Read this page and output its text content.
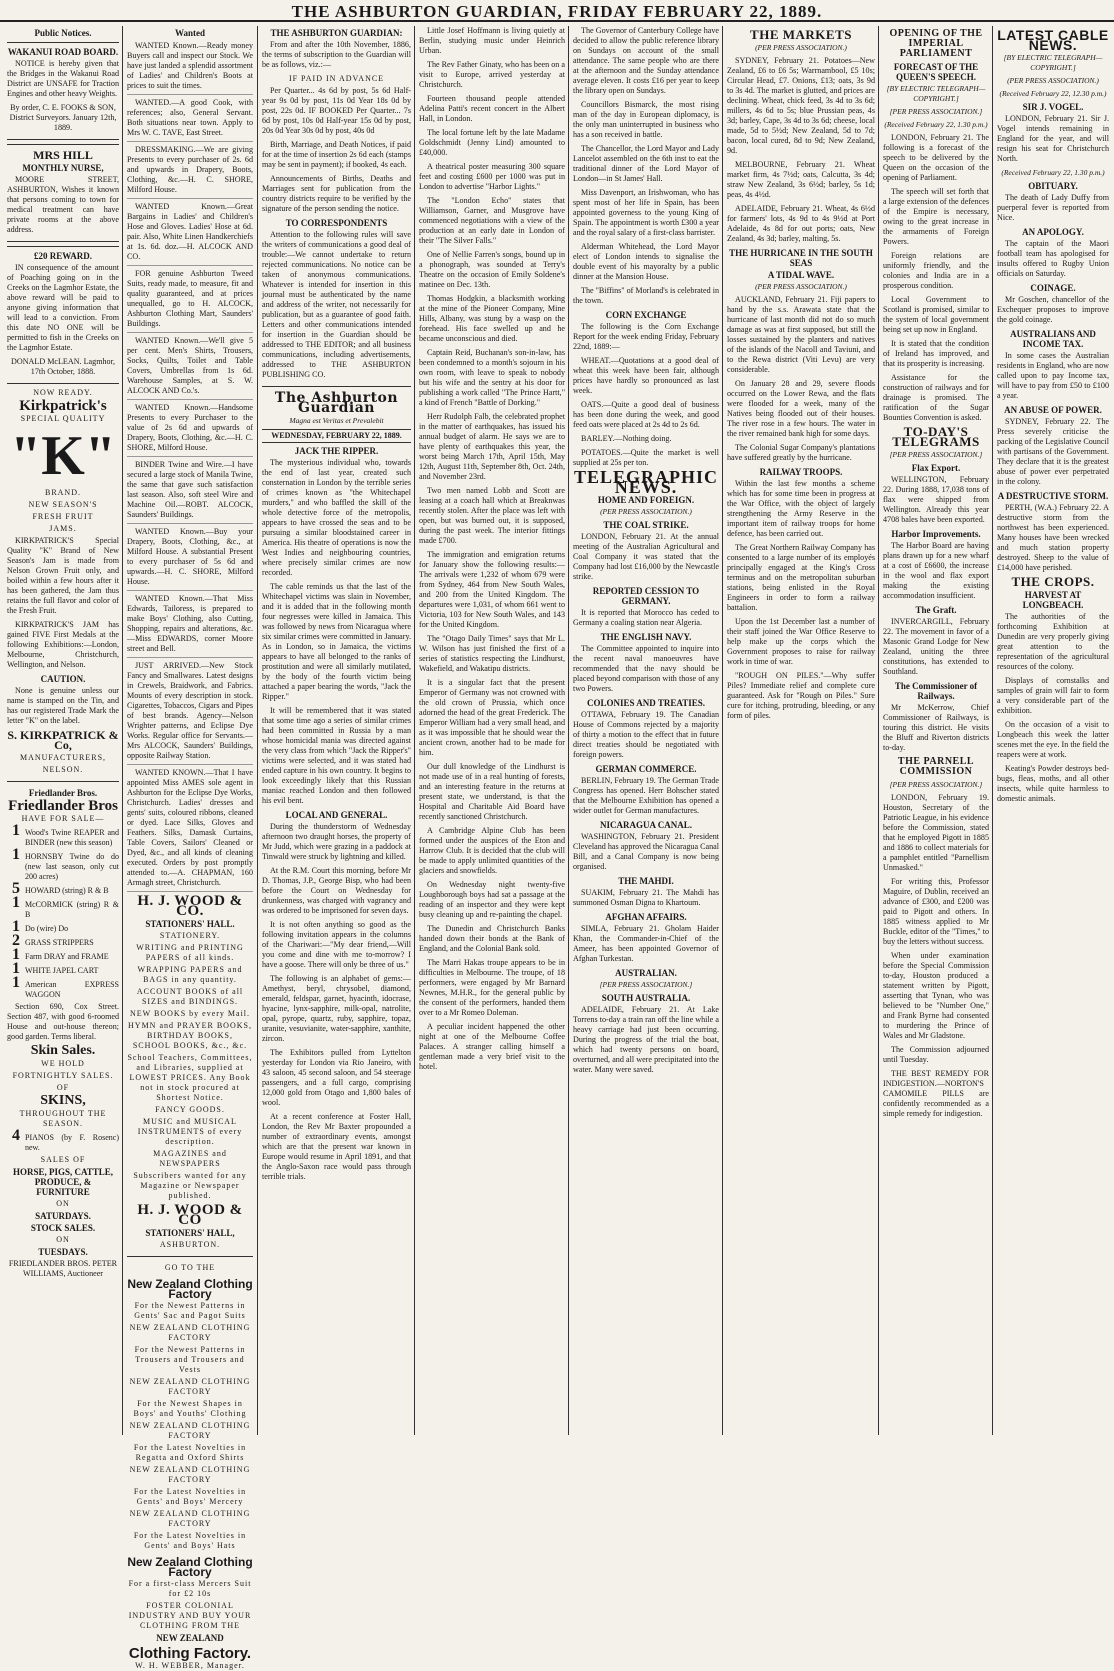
THE ASHBURTON GUARDIAN, FRIDAY FEBRUARY 22, 1889.
Public Notices.
WAKANUI ROAD BOARD.

NOTICE is hereby given that the Bridges in the Wakanui Road District are UNSAFE for Traction Engines and other heavy Weights.

By order, C. E. FOOKS & SON, District Surveyors. January 12th, 1889.

MRS HILL
MONTHLY NURSE,

MOORE STREET, ASHBURTON, Wishes it known that persons coming to town for medical treatment can have private rooms at the above address.

£20 REWARD.

IN consequence of the amount of Poaching going on in the Creeks on the Lagmhor Estate, the above reward will be paid to anyone giving information that will lead to a conviction. From this date NO ONE will be permitted to fish in the Creeks on the Lagmhor Estate.

DONALD McLEAN. Lagmhor, 17th October, 1888.

NOW READY.
Kirkpatrick's
SPECIAL QUALITY
"K"
BRAND.
NEW SEASON'S
FRESH FRUIT
JAMS.

KIRKPATRICK'S Special Quality "K" Brand of New Season's Jam is made from Nelson Grown Fruit only, and boiled within a few hours after it has been gathered, the Jam thus retains the full flavor and color of the Fresh Fruit.

KIRKPATRICK'S JAM has gained FIVE First Medals at the following Exhibitions:—London, Melbourne, Christchurch, Wellington, and Nelson.

CAUTION.

None is genuine unless our name is stamped on the Tin, and has our registered Trade Mark the letter "K" on the label.

S. KIRKPATRICK & Co,
MANUFACTURERS,
NELSON.
Friedlander Bros.
Friedlander Bros
HAVE FOR SALE—
1 Wood's Twine REAPER and BINDER (new this season)
1 HORNSBY Twine do do (new last season, only cut 200 acres)
5 HOWARD (string) R & B
1 McCORMICK (string) R & B
1 Do (wire) Do
2 GRASS STRIPPERS
1 Farm DRAY and FRAME
1 WHITE JAPEL CART
1 American EXPRESS WAGGON

Section 690, Cox Street. Section 487, with good 6-roomed House and out-house thereon; good garden. Terms liberal.

Skin Sales.
WE HOLD
FORTNIGHTLY SALES.
OF
SKINS,
THROUGHOUT THE SEASON.
4 PIANOS (by F. Rosenc) new.
SALES OF
HORSE, PIGS, CATTLE, PRODUCE, & FURNITURE
ON
SATURDAYS.
STOCK SALES.
ON
TUESDAYS.

FRIEDLANDER BROS. PETER WILLIAMS, Auctioneer

Wanted

WANTED Known.—Ready money Buyers call and inspect our Stock. We have just landed a splendid assortment of Ladies' and Children's Boots at prices to suit the times.

WANTED.—A good Cook, with references; also, General Servant. Both situations near town. Apply to Mrs W. C. TAVE, East Street.

DRESSMAKING.—We are giving Presents to every purchaser of 2s. 6d and upwards in Drapery, Boots, Clothing, &c.—H. C. SHORE, Milford House.

WANTED Known.—Great Bargains in Ladies' and Children's Hose and Gloves. Ladies' Hose at 6d. pair. Also, White Linen Handkerchiefs at 1s. 6d. doz.—H. ALCOCK AND CO.

FOR genuine Ashburton Tweed Suits, ready made, to measure, fit and quality guaranteed, and at prices unequalled, go to H. ALCOCK, Ashburton Clothing Mart, Saunders' Buildings.

WANTED Known.—We'll give 5 per cent. Men's Shirts, Trousers, Socks, Quilts, Toilet and Table Covers, Umbrellas from 1s 6d. Warehouse Samples, at S. W. ALCOCK AND Co.'s.

WANTED Known.—Handsome Presents to every Purchaser to the value of 2s 6d and upwards of Drapery, Boots, Clothing, &c.—H. C. SHORE, Milford House.

BINDER Twine and Wire.—I have secured a large stock of Manila Twine, the same that gave such satisfaction last season. Also, soft steel Wire and Machine Oil.—ROBT. ALCOCK, Saunders' Buildings.

WANTED Known.—Buy your Drapery, Boots, Clothing, &c., at Milford House. A substantial Present to every purchaser of 5s 6d and upwards.—H. C. SHORE, Milford House.

WANTED Known.—That Miss Edwards, Tailoress, is prepared to make Boys' Clothing, also Cutting, Shopping, repairs and alterations, &c.—Miss EDWARDS, corner Moore street and Bell.

JUST ARRIVED.—New Stock Fancy and Smallwares. Latest designs in Crewels, Braidwork, and Fabrics. Mounts of every description in stock. Cigarettes, Tobaccos, Cigars and Pipes of best brands. Agency—Nelson Wrighter patterns, and Eclipse Dye Works. Regular office for Servants.—Mrs ALCOCK, Saunders' Buildings, opposite Railway Station.

WANTED KNOWN.—That I have appointed Miss AMES sole agent in Ashburton for the Eclipse Dye Works, Christchurch. Ladies' dresses and gents' suits, coloured ribbons, cleaned or dyed. Lace Silks, Gloves and Feathers. Silks, Damask Curtains, Table Covers, Sailors' Cleaned or Dyed, &c., and all kinds of cleaning executed. Orders by post promptly attended to.—A. CHAPMAN, 160 Armagh street, Christchurch.

H. J. WOOD & CO.
STATIONERS' HALL.
STATIONERY.
WRITING and PRINTING PAPERS of all kinds.
WRAPPING PAPERS and BAGS in any quantity.
ACCOUNT BOOKS of all SIZES and BINDINGS.
NEW BOOKS by every Mail.
HYMN and PRAYER BOOKS, BIRTHDAY BOOKS, SCHOOL BOOKS, &c., &c.
School Teachers, Committees, and Libraries, supplied at LOWEST PRICES. Any Book not in stock procured at Shortest Notice.
FANCY GOODS.
MUSIC and MUSICAL INSTRUMENTS of every description.
MAGAZINES and NEWSPAPERS
Subscribers wanted for any Magazine or Newspaper published.
H. J. WOOD & CO
STATIONERS' HALL,
ASHBURTON.
GO TO THE
New Zealand Clothing Factory
For the Newest Patterns in Gents' Sac and Pagot Suits
NEW ZEALAND CLOTHING FACTORY
For the Newest Patterns in Trousers and Trousers and Vests
NEW ZEALAND CLOTHING FACTORY
For the Newest Shapes in Boys' and Youths' Clothing
NEW ZEALAND CLOTHING FACTORY
For the Latest Novelties in Regatta and Oxford Shirts
NEW ZEALAND CLOTHING FACTORY
For the Latest Novelties in Gents' and Boys' Mercery
NEW ZEALAND CLOTHING FACTORY
For the Latest Novelties in Gents' and Boys' Hats
New Zealand Clothing Factory
For a first-class Mercers Suit for £2 10s
FOSTER COLONIAL INDUSTRY AND BUY YOUR CLOTHING FROM THE
NEW ZEALAND
Clothing Factory.
W. H. WEBBER, Manager.
THE ASHBURTON GUARDIAN:

From and after the 10th November, 1886, the terms of subscription to the Guardian will be as follows, viz.:—

IF PAID IN ADVANCE

Per Quarter... 4s 6d by post, 5s 6d Half-year 9s 0d by post, 11s 0d Year 18s 0d by post, 22s 0d. IF BOOKED Per Quarter... 7s 6d by post, 10s 0d Half-year 15s 0d by post, 20s 0d Year 30s 0d by post, 40s 0d

Birth, Marriage, and Death Notices, if paid for at the time of insertion 2s 6d each (stamps may be sent in payment); if booked, 4s each.

Announcements of Births, Deaths and Marriages sent for publication from the country districts require to be verified by the signature of the person sending the notice.

TO CORRESPONDENTS

Attention to the following rules will save the writers of communications a good deal of trouble:—We cannot undertake to return rejected communications. No notice can be taken of anonymous communications. Whatever is intended for insertion in this journal must be authenticated by the name and address of the writer, not necessarily for publication, but as a guarantee of good faith. Letters and other communications intended for insertion in the Guardian should be addressed to THE EDITOR; and all business communications, including advertisements, addressed to THE ASHBURTON PUBLISHING CO.

The Ashburton Guardian
Magna est Veritas et Prevalebit
WEDNESDAY, FEBRUARY 22, 1889.
JACK THE RIPPER.

The mysterious individual who, towards the end of last year, created such consternation in London by the terrible series of crimes known as "the Whitechapel murders," and who baffled the skill of the whole detective force of the metropolis, appears to have crossed the seas and to be pursuing a similar bloodstained career in America. His theatre of operations is now the West Indies and neighbouring countries, where precisely similar crimes are now recorded.

The cable reminds us that the last of the Whitechapel victims was slain in November, and it is added that in the following month four negresses were killed in Jamaica. This was followed by news from Nicaragua where six similar crimes were committed in January. As in London, so in Jamaica, the victims appears to have all belonged to the ranks of prostitution and were all similarly mutilated, by the body of the fourth victim being attached a paper bearing the words, "Jack the Ripper."

It will be remembered that it was stated that some time ago a series of similar crimes had been committed in Russia by a man whose homicidal mania was directed against the very class from which "Jack the Ripper's" victims were selected, and it was stated had ended capture in his own country. It begins to look exceedingly likely that this Russian maniac reached London and then followed his evil bent.

LOCAL AND GENERAL.

During the thunderstorm of Wednesday afternoon two draught horses, the property of Mr Judd, which were grazing in a paddock at Tinwald were struck by lightning and killed.

At the R.M. Court this morning, before Mr D. Thomas, J.P., George Bisp, who had been before the Court on Wednesday for drunkenness, was charged with vagrancy and was ordered to be imprisoned for seven days.

It is not often anything so good as the following invitation appears in the columns of the Chariwari:—"My dear friend,—Will you come and dine with me to-morrow? I have a goose. There will only be three of us."

The following is an alphabet of gems:—Amethyst, beryl, chrysobel, diamond, emerald, feldspar, garnet, hyacinth, idocrase, hyacine, lynx-sapphire, milk-opal, natrolite, opal, pyrope, quartz, ruby, sapphire, topaz, uranite, vesuvianite, water-sapphire, xanthite, zircon.

The Exhibitors pulled from Lyttelton yesterday for London via Rio Janeiro, with 43 saloon, 45 second saloon, and 54 steerage passengers, and a full cargo, comprising 12,000 gold from Otago and 1,800 bales of wool.

At a recent conference at Foster Hall, London, the Rev Mr Baxter propounded a number of extraordinary events, amongst which are that the present war known in Europe would resume in April 1891, and that the Anglo-Saxon race would pass through terrible trials.

Little Josef Hoffmann is living quietly at Berlin, studying music under Heinrich Urban.

The Rev Father Ginaty, who has been on a visit to Europe, arrived yesterday at Christchurch.

Fourteen thousand people attended Adelina Patti's recent concert in the Albert Hall, in London.

The local fortune left by the late Madame Goldschmidt (Jenny Lind) amounted to £40,000.

A theatrical poster measuring 300 square feet and costing £600 per 1000 was put in London to advertise "Harbor Lights."

The "London Echo" states that Williamson, Garner, and Musgrove have commenced negotiations with a view of the production at an early date in London of their "The Silver Falls."

One of Nellie Farren's songs, bound up in a phonograph, was sounded at Terry's Theatre on the occasion of Emily Soldene's matinee on Dec. 13th.

Thomas Hodgkin, a blacksmith working at the mine of the Pioneer Company, Mine Hills, Albany, was stung by a wasp on the forehead. His face swelled up and he became unconscious and died.

Captain Reid, Buchanan's son-in-law, has been condemned to a month's sojourn in his own room, with leave to speak to nobody but his wife and the sentry at his door for publishing a work called "The Prince Hartt," a kind of French "Battle of Dorking."

Herr Rudolph Falb, the celebrated prophet in the matter of earthquakes, has issued his annual budget of alarm. He says we are to have plenty of earthquakes this year, the worst being March 17th, April 15th, May 12th, August 11th, September 8th, Oct. 24th, and November 23rd.

Two men named Lobb and Scott are leasing at a coach hall which at Breaknwas recently stolen. After the place was left with open, but was burned out, it is supposed, during the past week. The interior fittings made £700.

The immigration and emigration returns for January show the following results:—The arrivals were 1,232 of whom 679 were from Sydney, 464 from New South Wales, and 200 from the United Kingdom. The departures were 1,031, of whom 661 went to Victoria, 103 for New South Wales, and 143 for the United Kingdom.

The "Otago Daily Times" says that Mr L. W. Wilson has just finished the first of a series of statistics respecting the Lindhurst, Wakefield, and Wakatipu districts.

It is a singular fact that the present Emperor of Germany was not crowned with the old crown of Prussia, which once adorned the head of the great Frederick. The Emperor William had a very small head, and as it was impossible that he should wear the ancient crown, another had to be made for him.

Our dull knowledge of the Lindhurst is not made use of in a real hunting of forests, and an interesting feature in the returns at present state, we understand, is that the Hospital and Charitable Aid Board have recently sanctioned Christchurch.

A Cambridge Alpine Club has been formed under the auspices of the Eton and Harrow Club. It is decided that the club will be made to apply unlimited quantities of the glaciers and snowfields.

On Wednesday night twenty-five Loughborough boys had sat a passage at the reading of an inspector and they were kept busy cleaning up and re-painting the chapel.

The Dunedin and Christchurch Banks handed down their bonds at the Bank of England, and the Colonial Bank sold.

The Marri Hakas troupe appears to be in difficulties in Melbourne. The troupe, of 18 performers, were engaged by Mr Barnard Newnes, M.H.R., for the general public by the consent of the performers, handed them over to a Mr Romeo Doleman.

A peculiar incident happened the other night at one of the Melbourne Coffee Palaces. A stranger calling himself a gentleman made a very brief visit to the hotel.

The Governor of Canterbury College have decided to allow the public reference library on Sundays on account of the small attendance. The same people who are there at the afternoon and the Sunday attendance average eleven. It costs £16 per year to keep the library open on Sundays.

Councillors Bismarck, the most rising man of the day in European diplomacy, is the only man uninterrupted in business who has a son received in battle.

The Chancellor, the Lord Mayor and Lady Lancelot assembled on the 6th inst to eat the traditional dinner of the Lord Mayor of London—in St James' Hall.

Miss Davenport, an Irishwoman, who has spent most of her life in Spain, has been appointed governess to the young King of Spain. The appointment is worth £300 a year and the royal salary of a first-class barrister.

Alderman Whitehead, the Lord Mayor elect of London intends to signalise the double event of his mayoralty by a public dinner at the Mansion House.

The "Biffins" of Morland's is celebrated in the town.

CORN EXCHANGE

The following is the Corn Exchange Report for the week ending Friday, February 22nd, 1889:—

WHEAT.—Quotations at a good deal of wheat this week have been fair, although prices have hardly so pronounced as last week.

OATS.—Quite a good deal of business has been done during the week, and good feed oats were placed at 2s 4d to 2s 6d.

BARLEY.—Nothing doing.

POTATOES.—Quite the market is well supplied at 25s per ton.

TELEGRAPHIC NEWS.
HOME AND FOREIGN.
(PER PRESS ASSOCIATION.)
THE COAL STRIKE.

LONDON, February 21. At the annual meeting of the Australian Agricultural and Coal Company it was stated that the Company had lost £16,000 by the Newcastle strike.

REPORTED CESSION TO GERMANY.

It is reported that Morocco has ceded to Germany a coaling station near Algeria.

THE ENGLISH NAVY.

The Committee appointed to inquire into the recent naval manoeuvres have recommended that the navy should be placed beyond comparison with those of any two Powers.

COLONIES AND TREATIES.

OTTAWA, February 19. The Canadian House of Commons rejected by a majority of thirty a motion to the effect that in future direct treaties should be negotiated with foreign powers.

GERMAN COMMERCE.

BERLIN, February 19. The German Trade Congress has opened. Herr Bohscher stated that the Melbourne Exhibition has opened a wider outlet for German manufactures.

NICARAGUA CANAL.

WASHINGTON, February 21. President Cleveland has approved the Nicaragua Canal Bill, and a Canal Company is now being organised.

THE MAHDI.

SUAKIM, February 21. The Mahdi has summoned Osman Digna to Khartoum.

AFGHAN AFFAIRS.

SIMLA, February 21. Gholam Haider Khan, the Commander-in-Chief of the Ameer, has been appointed Governor of Afghan Turkestan.

AUSTRALIAN.
[PER PRESS ASSOCIATION.]
SOUTH AUSTRALIA.

ADELAIDE, February 21. At Lake Torrens to-day a train ran off the line while a heavy carriage had just been occurring. During the progress of the trial the boat, which had twenty persons on board, overturned, and all were precipitated into the water. Many were saved.

THE MARKETS
(PER PRESS ASSOCIATION.)

SYDNEY, February 21. Potatoes—New Zealand, £6 to £6 5s; Warrnambool, £5 10s; Circular Head, £7. Onions, £13; oats, 3s 9d to 3s 4d. The market is glutted, and prices are declining. Wheat, chick feed, 3s 4d to 3s 6d; millers, 4s 6d to 5s; blue Prussian peas, 4s 3d; barley, Cape, 3s 4d to 3s 6d; cheese, local made, 5d to 5½d; New Zealand, 5d to 7d; bacon, local cured, 8d to 9d; New Zealand, 9d.

MELBOURNE, February 21. Wheat market firm, 4s 7½d; oats, Calcutta, 3s 4d; straw New Zealand, 3s 6½d; barley, 5s 1d; peas, 4s 4½d.

ADELAIDE, February 21. Wheat, 4s 6½d for farmers' lots, 4s 9d to 4s 9½d at Port Adelaide, 4s 8d for out ports; oats, New Zealand, 4s 3d; barley, malting, 5s.

THE HURRICANE IN THE SOUTH SEAS
A TIDAL WAVE.
(PER PRESS ASSOCIATION.)

AUCKLAND, February 21. Fiji papers to hand by the s.s. Arawata state that the hurricane of last month did not do so much damage as was at first supposed, but still the losses sustained by the planters and natives of the islands of the Nacoll and Taviuni, and to the Rewa district (Viti Levu) are very considerable.

On January 28 and 29, severe floods occurred on the Lower Rewa, and the flats were flooded for a week, many of the Natives being flooded out of their houses. The river rose in a few hours. The water in the river remained bank high for some days.

The Colonial Sugar Company's plantations have suffered greatly by the hurricane.

RAILWAY TROOPS.

Within the last few months a scheme which has for some time been in progress at the War Office, with the object of largely strengthening the Army Reserve in the important item of railway troops for home defence, has been carried out.

The Great Northern Railway Company has consented to a large number of its employés principally engaged at the King's Cross terminus and on the metropolitan suburban stations, being enlisted in the Royal Engineers in order to form a railway battalion.

Upon the 1st December last a number of their staff joined the War Office Reserve to help make up the corps which the Government proposes to raise for railway work in time of war.

"ROUGH ON PILES."—Why suffer Piles? Immediate relief and complete cure guaranteed. Ask for "Rough on Piles." Sure cure for itching, protruding, bleeding, or any form of piles.

OPENING OF THE IMPERIAL PARLIAMENT
FORECAST OF THE QUEEN'S SPEECH.
[BY ELECTRIC TELEGRAPH—COPYRIGHT.]
[PER PRESS ASSOCIATION.]
(Received February 22, 1.30 p.m.)

LONDON, February 21. The following is a forecast of the speech to be delivered by the Queen on the occasion of the opening of Parliament.

The speech will set forth that a large extension of the defences of the Empire is necessary, owing to the great increase in the armaments of Foreign Powers.

Foreign relations are uniformly friendly, and the colonies and India are in a prosperous condition.

Local Government to Scotland is promised, similar to the system of local government being set up now in England.

It is stated that the condition of Ireland has improved, and that its prosperity is increasing.

Assistance for the construction of railways and for drainage is promised. The ratification of the Sugar Bounties Convention is asked.

TO-DAY'S TELEGRAMS
[PER PRESS ASSOCIATION.]
Flax Export.

WELLINGTON, February 22. During 1888, 17,038 tons of flax were shipped from Wellington. Already this year 4708 bales have been exported.

Harbor Improvements.

The Harbor Board are having plans drawn up for a new wharf at a cost of £6600, the increase in the wool and flax export making the existing accommodation insufficient.

The Graft.

INVERCARGILL, February 22. The movement in favor of a Masonic Grand Lodge for New Zealand, uniting the three constitutions, has extended to Southland.

The Commissioner of Railways.

Mr McKerrow, Chief Commissioner of Railways, is touring this district. He visits the Bluff and Riverton districts to-day.

THE PARNELL COMMISSION
[PER PRESS ASSOCIATION.]

LONDON, February 19. Houston, Secretary of the Patriotic League, in his evidence before the Commission, stated that he employed Pigott in 1885 and 1886 to collect materials for a pamphlet entitled "Parnellism Unmasked."

For writing this, Professor Maguire, of Dublin, received an advance of £300, and £200 was paid to Pigott and others. In 1885 witness applied to Mr Buckle, editor of the "Times," to buy the letters without success.

When under examination before the Special Commission to-day, Houston produced a statement written by Pigott, asserting that Tynan, who was believed to be "Number One," and Frank Byrne had consented to murdering the Prince of Wales and Mr Gladstone.

The Commission adjourned until Tuesday.

THE BEST REMEDY FOR INDIGESTION.—NORTON'S CAMOMILE PILLS are confidently recommended as a simple remedy for indigestion.

LATEST CABLE NEWS.
[BY ELECTRIC TELEGRAPH—COPYRIGHT.]
(PER PRESS ASSOCIATION.)
(Received February 22, 12.30 p.m.)
SIR J. VOGEL.

LONDON, February 21. Sir J. Vogel intends remaining in England for the year, and will resign his seat for Christchurch North.

(Received February 22, 1.30 p.m.)
OBITUARY.

The death of Lady Duffy from puerperal fever is reported from Nice.

AN APOLOGY.

The captain of the Maori football team has apologised for insults offered to Rugby Union officials on Saturday.

COINAGE.

Mr Goschen, chancellor of the Exchequer proposes to improve the gold coinage.

AUSTRALIANS AND INCOME TAX.

In some cases the Australian residents in England, who are now called upon to pay Income tax, will have to pay from £50 to £100 a year.

AN ABUSE OF POWER.

SYDNEY, February 22. The Press severely criticise the packing of the Legislative Council with partisans of the Government. They declare that it is the greatest abuse of power ever perpetrated in the colony.

A DESTRUCTIVE STORM.

PERTH, (W.A.) February 22. A destructive storm from the northwest has been experienced. Many houses have been wrecked and much station property destroyed. Sheep to the value of £14,000 have perished.

THE CROPS.
HARVEST AT LONGBEACH.

The authorities of the forthcoming Exhibition at Dunedin are very properly giving great attention to the representation of the agricultural resources of the colony.

Displays of cornstalks and samples of grain will fair to form a very considerable part of the exhibition.

On the occasion of a visit to Longbeach this week the latter scenes met the eye. In the field the reapers were at work.

Keating's Powder destroys bed-bugs, fleas, moths, and all other insects, while quite harmless to domestic animals.
